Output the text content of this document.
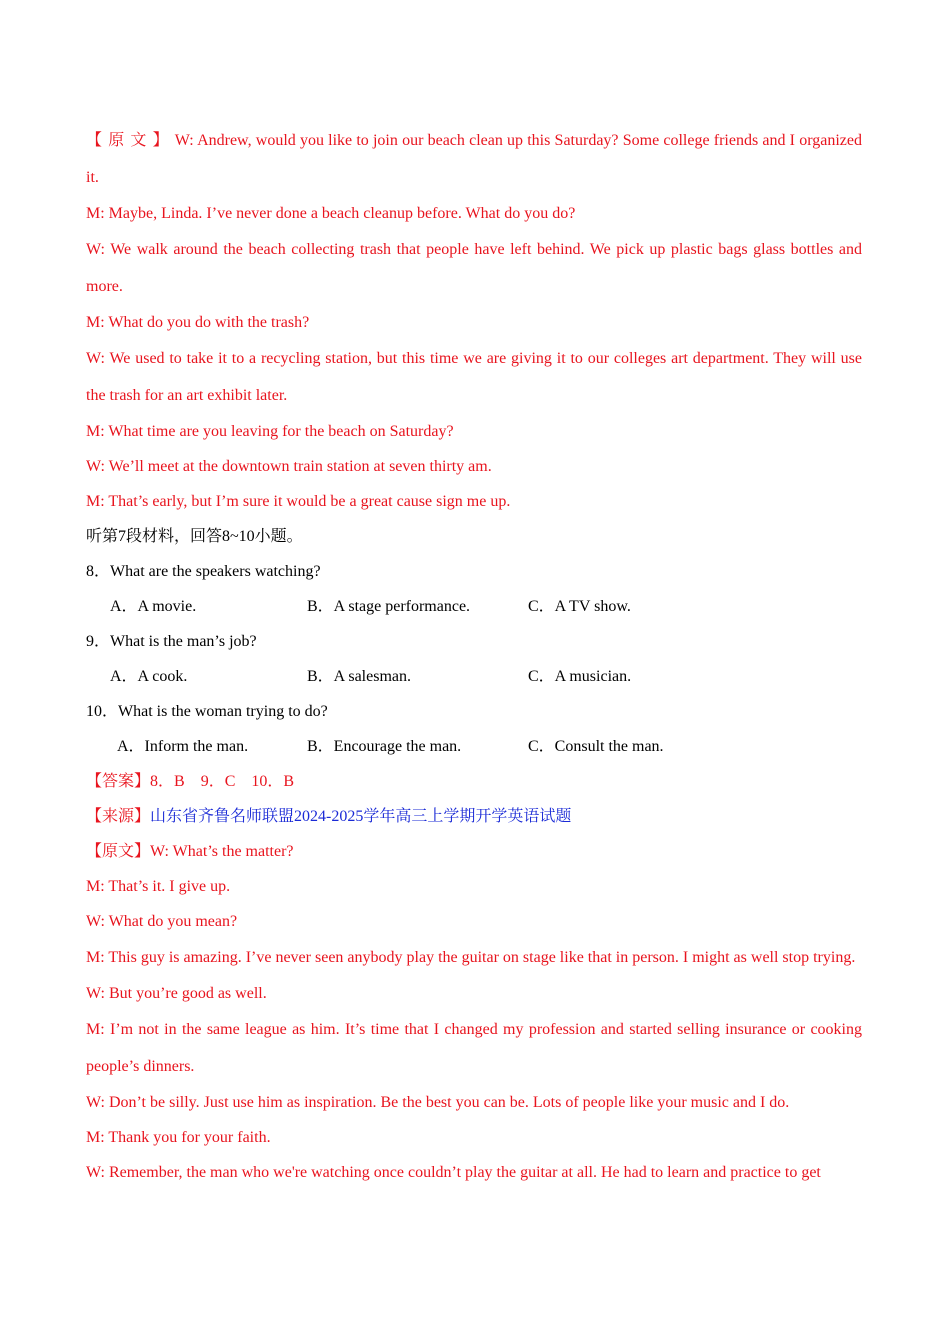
【原文】W: Andrew, would you like to join our beach clean up this Saturday? Some college friends and I organized it.

M: Maybe, Linda. I’ve never done a beach cleanup before. What do you do?

W: We walk around the beach collecting trash that people have left behind. We pick up plastic bags glass bottles and more.

M: What do you do with the trash?

W: We used to take it to a recycling station, but this time we are giving it to our colleges art department. They will use the trash for an art exhibit later.

M: What time are you leaving for the beach on Saturday?
W: We’ll meet at the downtown train station at seven thirty am.
M: That’s early, but I’m sure it would be a great cause sign me up.
听第7段材料，回答8~10小题。
8．What are the speakers watching?
A．A movie.	B．A stage performance.	C．A TV show.
9．What is the man’s job?
A．A cook.	B．A salesman.	C．A musician.
10．What is the woman trying to do?
A．Inform the man.	B．Encourage the man.	C．Consult the man.
【答案】8．B    9．C    10．B
【来源】山东省齐鲁名师联盟2024-2025学年高三上学期开学英语试题
【原文】W: What’s the matter?
M: That’s it. I give up.
W: What do you mean?

M: This guy is amazing. I’ve never seen anybody play the guitar on stage like that in person. I might as well stop trying.

W: But you’re good as well.

M: I’m not in the same league as him. It’s time that I changed my profession and started selling insurance or cooking people’s dinners.

W: Don’t be silly. Just use him as inspiration. Be the best you can be. Lots of people like your music and I do.
M: Thank you for your faith.
W: Remember, the man who we're watching once couldn’t play the guitar at all. He had to learn and practice to get
